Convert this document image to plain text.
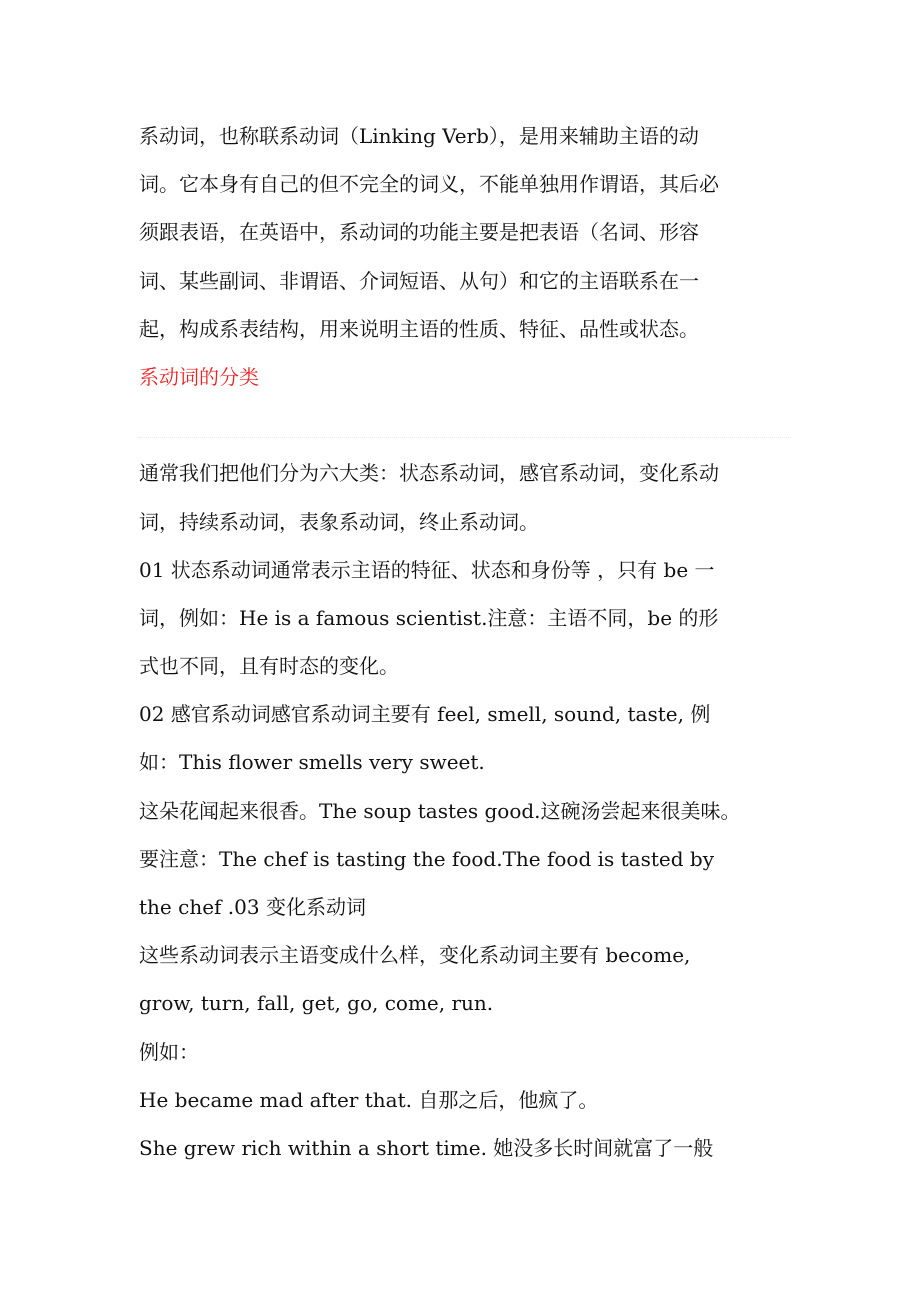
系动词，也称联系动词（Linking Verb），是用来辅助主语的动
词。它本身有自己的但不完全的词义，不能单独用作谓语，其后必
须跟表语，在英语中，系动词的功能主要是把表语（名词、形容
词、某些副词、非谓语、介词短语、从句）和它的主语联系在一
起，构成系表结构，用来说明主语的性质、特征、品性或状态。
系动词的分类
通常我们把他们分为六大类：状态系动词，感官系动词，变化系动
词，持续系动词，表象系动词，终止系动词。
01 状态系动词通常表示主语的特征、状态和身份等 ，只有 be 一
词，例如：He is a famous scientist.注意：主语不同，be 的形
式也不同，且有时态的变化。
02 感官系动词感官系动词主要有 feel, smell, sound, taste, 例
如：This flower smells very sweet.
这朵花闻起来很香。The soup tastes good.这碗汤尝起来很美味。
要注意：The chef is tasting the food.The food is tasted by
the chef .03 变化系动词
这些系动词表示主语变成什么样，变化系动词主要有 become,
grow, turn, fall, get, go, come, run.
例如：
He became mad after that. 自那之后，他疯了。
She grew rich within a short time. 她没多长时间就富了一般
